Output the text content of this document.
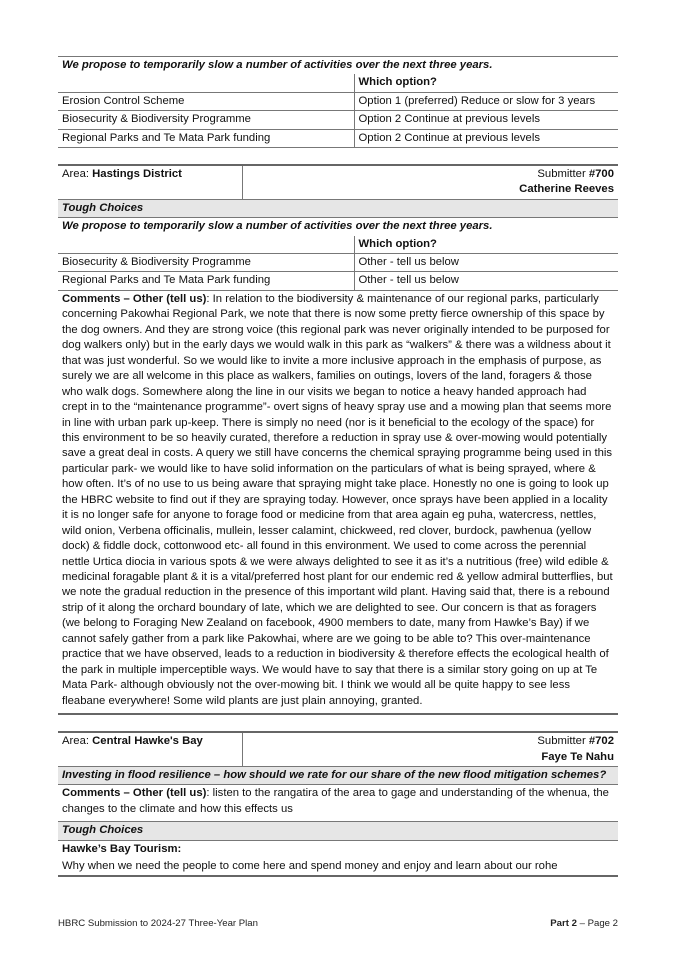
We propose to temporarily slow a number of activities over the next three years.	
	Which option?
Erosion Control Scheme	Option 1 (preferred) Reduce or slow for 3 years
Biosecurity & Biodiversity Programme	Option 2 Continue at previous levels
Regional Parks and Te Mata Park funding	Option 2 Continue at previous levels
Area: Hastings District	Submitter #700
Catherine Reeves	
Tough Choices		
We propose to temporarily slow a number of activities over the next three years.		
		Which option?
Biosecurity & Biodiversity Programme		Other - tell us below
Regional Parks and Te Mata Park funding		Other - tell us below
Comments – Other (tell us): In relation to the biodiversity & maintenance of our regional parks, particularly concerning Pakowhai Regional Park, we note that there is now some pretty fierce ownership of this space by the dog owners. And they are strong voice (this regional park was never originally intended to be purposed for dog walkers only) but in the early days we would walk in this park as “walkers” & there was a wildness about it that was just wonderful. So we would like to invite a more inclusive approach in the emphasis of purpose, as surely we are all welcome in this place as walkers, families on outings, lovers of the land, foragers & those who walk dogs. Somewhere along the line in our visits we began to notice a heavy handed approach had crept in to the “maintenance programme”- overt signs of heavy spray use and a mowing plan that seems more in line with urban park up-keep. There is simply no need (nor is it beneficial to the ecology of the space) for this environment to be so heavily curated, therefore a reduction in spray use & over-mowing would potentially save a great deal in costs. A query we still have concerns the chemical spraying programme being used in this particular park- we would like to have solid information on the particulars of what is being sprayed, where & how often. It’s of no use to us being aware that spraying might take place. Honestly no one is going to look up the HBRC website to find out if they are spraying today. However, once sprays have been applied in a locality it is no longer safe for anyone to forage food or medicine from that area again eg puha, watercress, nettles, wild onion, Verbena officinalis, mullein, lesser calamint, chickweed, red clover, burdock, pawhenua (yellow dock) & fiddle dock, cottonwood etc- all found in this environment. We used to come across the perennial nettle Urtica diocia in various spots & we were always delighted to see it as it’s a nutritious (free) wild edible & medicinal foragable plant & it is a vital/preferred host plant for our endemic red & yellow admiral butterflies, but we note the gradual reduction in the presence of this important wild plant. Having said that, there is a rebound strip of it along the orchard boundary of late, which we are delighted to see. Our concern is that as foragers (we belong to Foraging New Zealand on facebook, 4900 members to date, many from Hawke’s Bay) if we cannot safely gather from a park like Pakowhai, where are we going to be able to? This over-maintenance practice that we have observed, leads to a reduction in biodiversity & therefore effects the ecological health of the park in multiple imperceptible ways. We would have to say that there is a similar story going on up at Te Mata Park- although obviously not the over-mowing bit. I think we would all be quite happy to see less fleabane everywhere! Some wild plants are just plain annoying, granted.		
Area: Central Hawke's Bay	Submitter #702
Faye Te Nahu
Investing in flood resilience – how should we rate for our share of the new flood mitigation schemes?
Comments – Other (tell us): listen to the rangatira of the area to gage and understanding of the whenua, the changes to the climate and how this effects us
Tough Choices
Hawke’s Bay Tourism:
Why when we need the people to come here and spend money and enjoy and learn about our rohe
HBRC Submission to 2024-27 Three-Year Plan	Part 2 – Page 2
